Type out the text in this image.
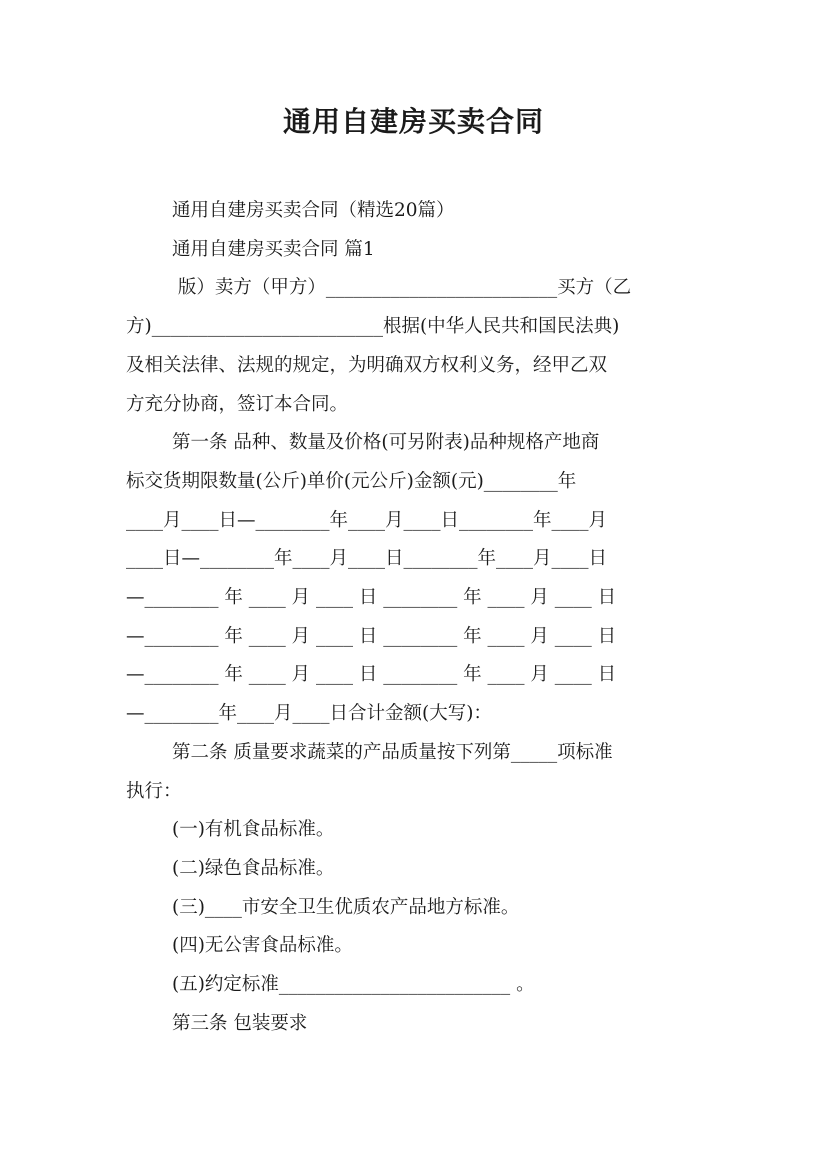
通用自建房买卖合同

通用自建房买卖合同（精选20篇）

通用自建房买卖合同 篇1

版）卖方（甲方）_________________________买方（乙

方)_________________________根据(中华人民共和国民法典)

及相关法律、法规的规定，为明确双方权利义务，经甲乙双

方充分协商，签订本合同。

第一条 品种、数量及价格(可另附表)品种规格产地商

标交货期限数量(公斤)单价(元公斤)金额(元)________年

____月____日—________年____月____日________年____月

____日—________年____月____日________年____月____日

—________ 年 ____ 月 ____ 日 ________ 年 ____ 月 ____ 日

—________ 年 ____ 月 ____ 日 ________ 年 ____ 月 ____ 日

—________ 年 ____ 月 ____ 日 ________ 年 ____ 月 ____ 日

—________年____月____日合计金额(大写)：

第二条 质量要求蔬菜的产品质量按下列第_____项标准

执行：

(一)有机食品标准。

(二)绿色食品标准。

(三)____市安全卫生优质农产品地方标准。

(四)无公害食品标准。

(五)约定标准_________________________ 。

第三条 包装要求
